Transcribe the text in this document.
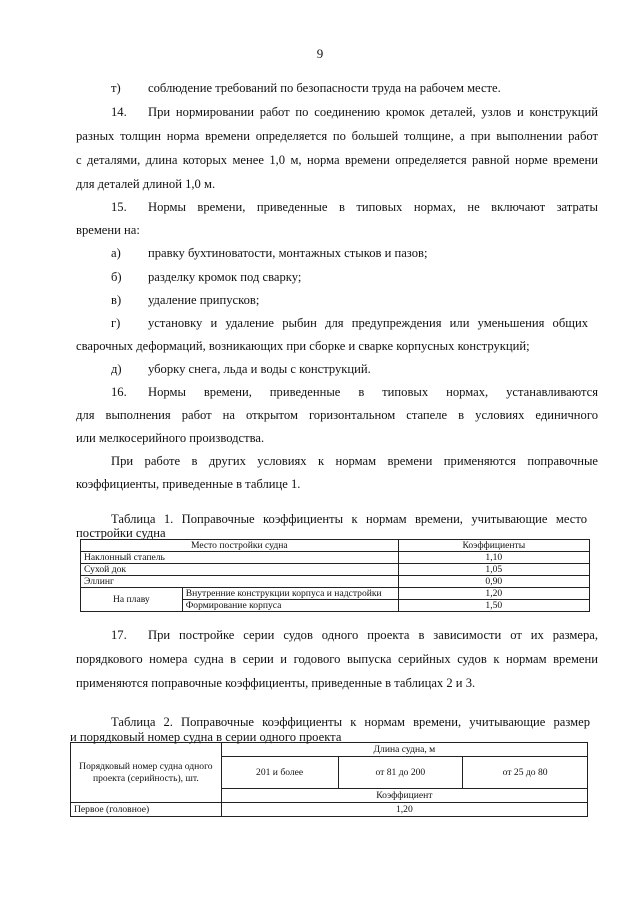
9
т) соблюдение требований по безопасности труда на рабочем месте.
14. При нормировании работ по соединению кромок деталей, узлов и конструкций
разных толщин норма времени определяется по большей толщине, а при выполнении работ
с деталями, длина которых менее 1,0 м, норма времени определяется равной норме времени
для деталей длиной 1,0 м.
15. Нормы времени, приведенные в типовых нормах, не включают затраты
времени на:
а) правку бухтиноватости, монтажных стыков и пазов;
б) разделку кромок под сварку;
в) удаление припусков;
г) установку и удаление рыбин для предупреждения или уменьшения общих
сварочных деформаций, возникающих при сборке и сварке корпусных конструкций;
д) уборку снега, льда и воды с конструкций.
16. Нормы времени, приведенные в типовых нормах, устанавливаются
для выполнения работ на открытом горизонтальном стапеле в условиях единичного
или мелкосерийного производства.
При работе в других условиях к нормам времени применяются поправочные
коэффициенты, приведенные в таблице 1.
Таблица 1. Поправочные коэффициенты к нормам времени, учитывающие место
постройки судна
Место постройки судна		Коэффициенты
Наклонный стапель		1,10
Сухой док		1,05
Эллинг		0,90
На плаву	Внутренние конструкции корпуса и надстройки	1,20
	Формирование корпуса	1,50
17. При постройке серии судов одного проекта в зависимости от их размера,
порядкового номера судна в серии и годового выпуска серийных судов к нормам времени
применяются поправочные коэффициенты, приведенные в таблицах 2 и 3.
Таблица 2. Поправочные коэффициенты к нормам времени, учитывающие размер
и порядковый номер судна в серии одного проекта
Порядковый номер судна одного проекта (серийность), шт.	Длина судна, м		
	201 и более	от 81 до 200	от 25 до 80
	Коэффициент		
Первое (головное)	1,20		
